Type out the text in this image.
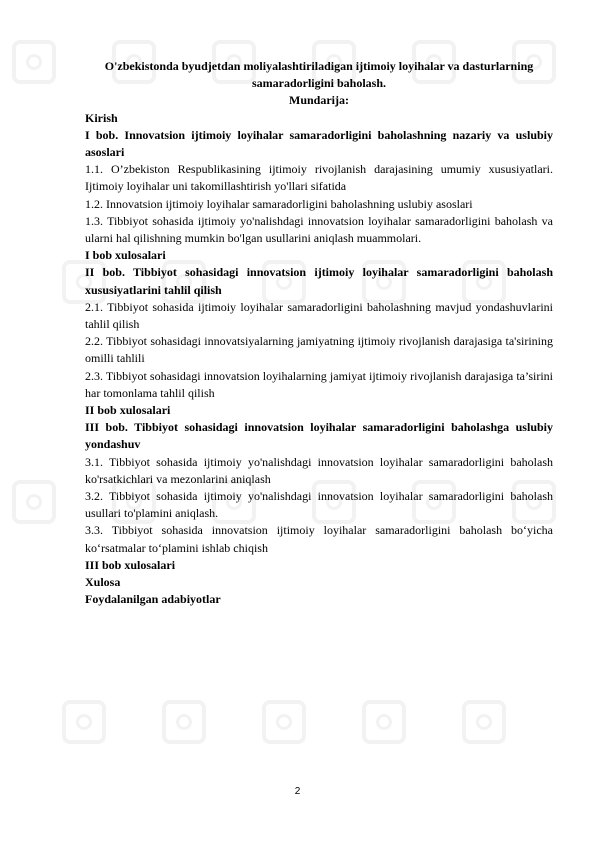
O'zbekistonda byudjetdan moliyalashtiriladigan ijtimoiy loyihalar va dasturlarning samaradorligini baholash.

Mundarija:

Kirish

I bob. Innovatsion ijtimoiy loyihalar samaradorligini baholashning nazariy va uslubiy asoslari

1.1. O’zbekiston Respublikasining ijtimoiy rivojlanish darajasining umumiy xususiyatlari. Ijtimoiy loyihalar uni takomillashtirish yo'llari sifatida

1.2. Innovatsion ijtimoiy loyihalar samaradorligini baholashning uslubiy asoslari

1.3. Tibbiyot sohasida ijtimoiy yo'nalishdagi innovatsion loyihalar samaradorligini baholash va ularni hal qilishning mumkin bo'lgan usullarini aniqlash muammolari.

I bob xulosalari

II bob. Tibbiyot sohasidagi innovatsion ijtimoiy loyihalar samaradorligini baholash xususiyatlarini tahlil qilish

2.1. Tibbiyot sohasida ijtimoiy loyihalar samaradorligini baholashning mavjud yondashuvlarini tahlil qilish

2.2. Tibbiyot sohasidagi innovatsiyalarning jamiyatning ijtimoiy rivojlanish darajasiga ta'sirining omilli tahlili

2.3. Tibbiyot sohasidagi innovatsion loyihalarning jamiyat ijtimoiy rivojlanish darajasiga ta’sirini har tomonlama tahlil qilish

II bob xulosalari

III bob. Tibbiyot sohasidagi innovatsion loyihalar samaradorligini baholashga uslubiy yondashuv

3.1. Tibbiyot sohasida ijtimoiy yo'nalishdagi innovatsion loyihalar samaradorligini baholash ko'rsatkichlari va mezonlarini aniqlash

3.2. Tibbiyot sohasida ijtimoiy yo'nalishdagi innovatsion loyihalar samaradorligini baholash usullari to'plamini aniqlash.

3.3. Tibbiyot sohasida innovatsion ijtimoiy loyihalar samaradorligini baholash bo‘yicha ko‘rsatmalar to‘plamini ishlab chiqish

III bob xulosalari

Xulosa

Foydalanilgan adabiyotlar

2
